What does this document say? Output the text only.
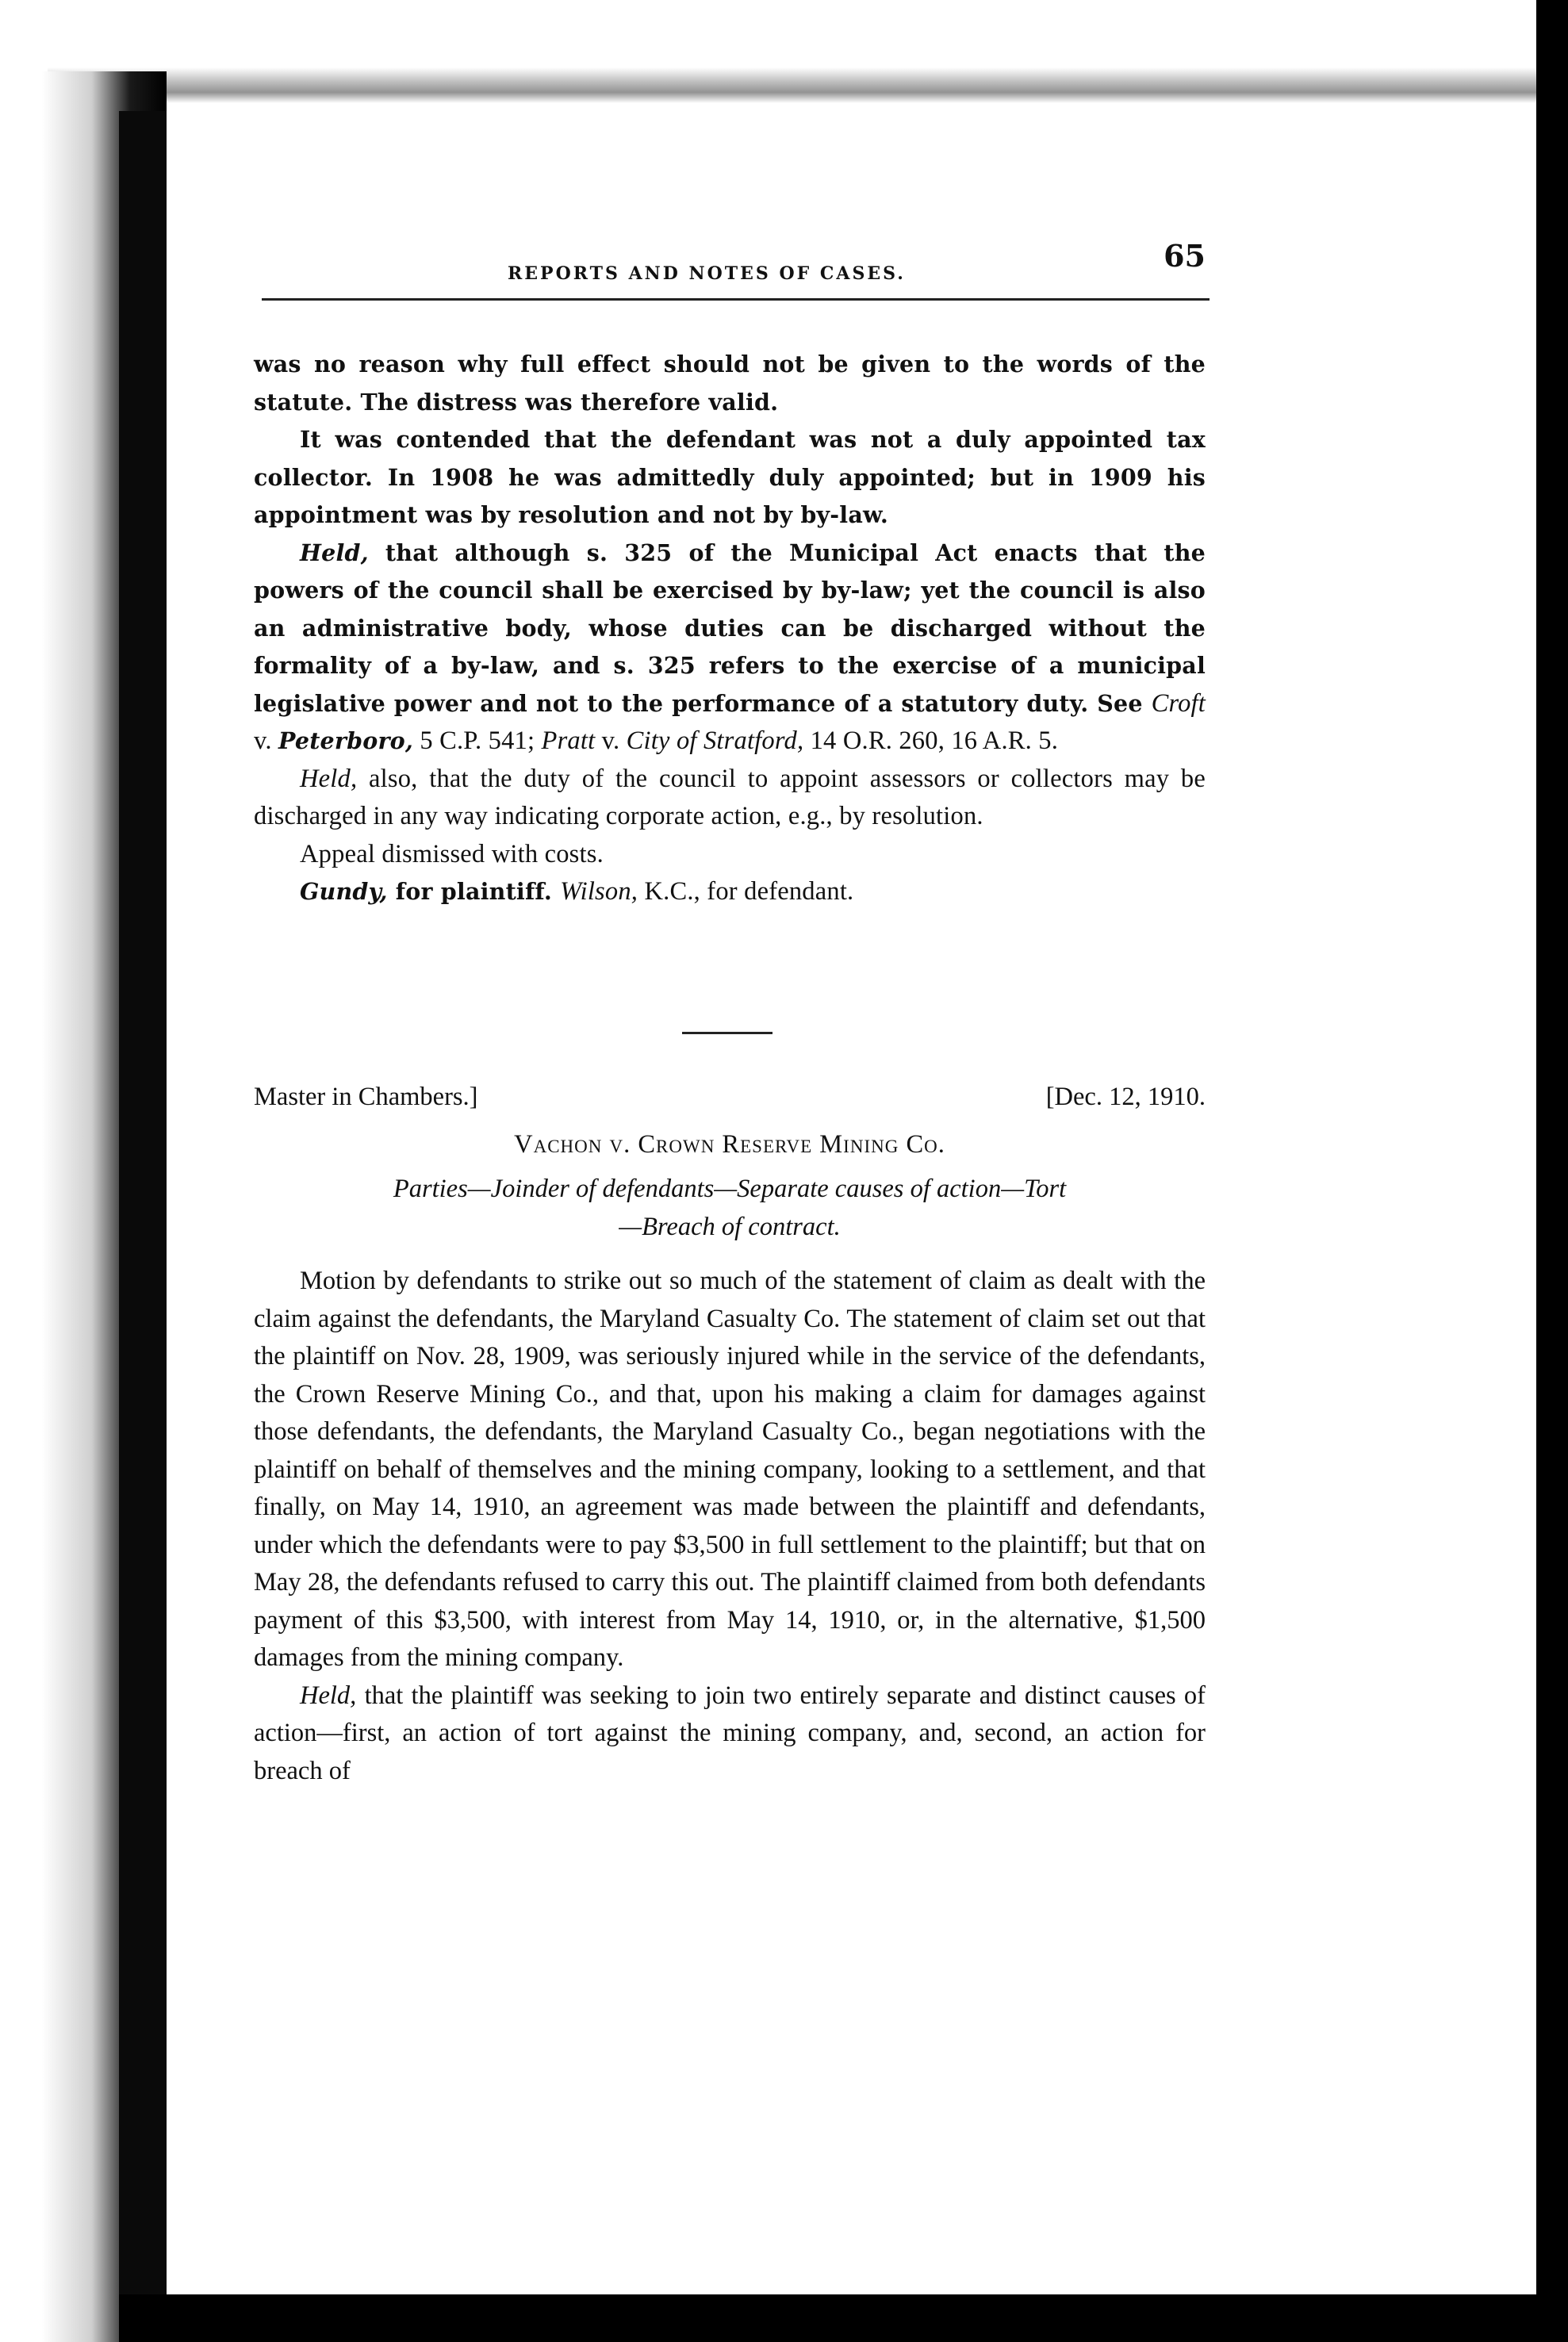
REPORTS AND NOTES OF CASES.	65

was no reason why full effect should not be given to the words of the statute. The distress was therefore valid.

It was contended that the defendant was not a duly appointed tax collector. In 1908 he was admittedly duly appointed; but in 1909 his appointment was by resolution and not by by-law.

Held, that although s. 325 of the Municipal Act enacts that the powers of the council shall be exercised by by-law; yet the council is also an administrative body, whose duties can be discharged without the formality of a by-law, and s. 325 refers to the exercise of a municipal legislative power and not to the performance of a statutory duty. See Croft v. Peterboro, 5 C.P. 541; Pratt v. City of Stratford, 14 O.R. 260, 16 A.R. 5.

Held, also, that the duty of the council to appoint assessors or collectors may be discharged in any way indicating corporate action, e.g., by resolution.

Appeal dismissed with costs.

Gundy, for plaintiff. Wilson, K.C., for defendant.

Master in Chambers.]	[Dec. 12, 1910.
Vachon v. Crown Reserve Mining Co.
Parties—Joinder of defendants—Separate causes of action—Tort
—Breach of contract.

Motion by defendants to strike out so much of the statement of claim as dealt with the claim against the defendants, the Maryland Casualty Co. The statement of claim set out that the plaintiff on Nov. 28, 1909, was seriously injured while in the service of the defendants, the Crown Reserve Mining Co., and that, upon his making a claim for damages against those defendants, the defendants, the Maryland Casualty Co., began negotiations with the plaintiff on behalf of themselves and the mining company, looking to a settlement, and that finally, on May 14, 1910, an agreement was made between the plaintiff and defendants, under which the defendants were to pay $3,500 in full settlement to the plaintiff; but that on May 28, the defendants refused to carry this out. The plaintiff claimed from both defendants payment of this $3,500, with interest from May 14, 1910, or, in the alternative, $1,500 damages from the mining company.

Held, that the plaintiff was seeking to join two entirely separate and distinct causes of action—first, an action of tort against the mining company, and, second, an action for breach of
